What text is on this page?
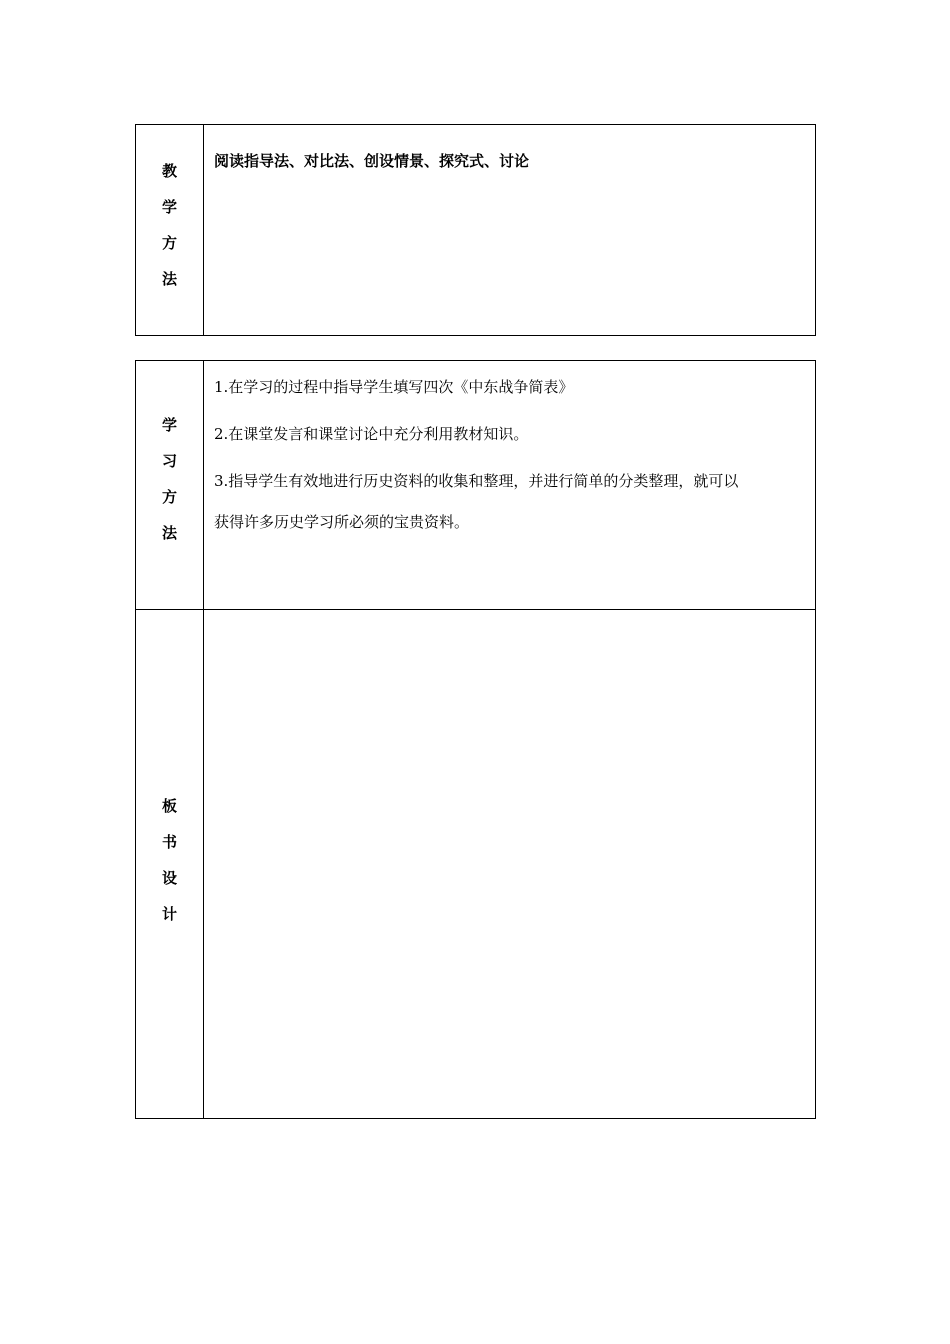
教
学
方
法
阅读指导法、对比法、创设情景、探究式、讨论
学
习
方
法

1.在学习的过程中指导学生填写四次《中东战争简表》

2.在课堂发言和课堂讨论中充分利用教材知识。

3.指导学生有效地进行历史资料的收集和整理，并进行简单的分类整理，就可以

获得许多历史学习所必须的宝贵资料。

板
书
设
计
